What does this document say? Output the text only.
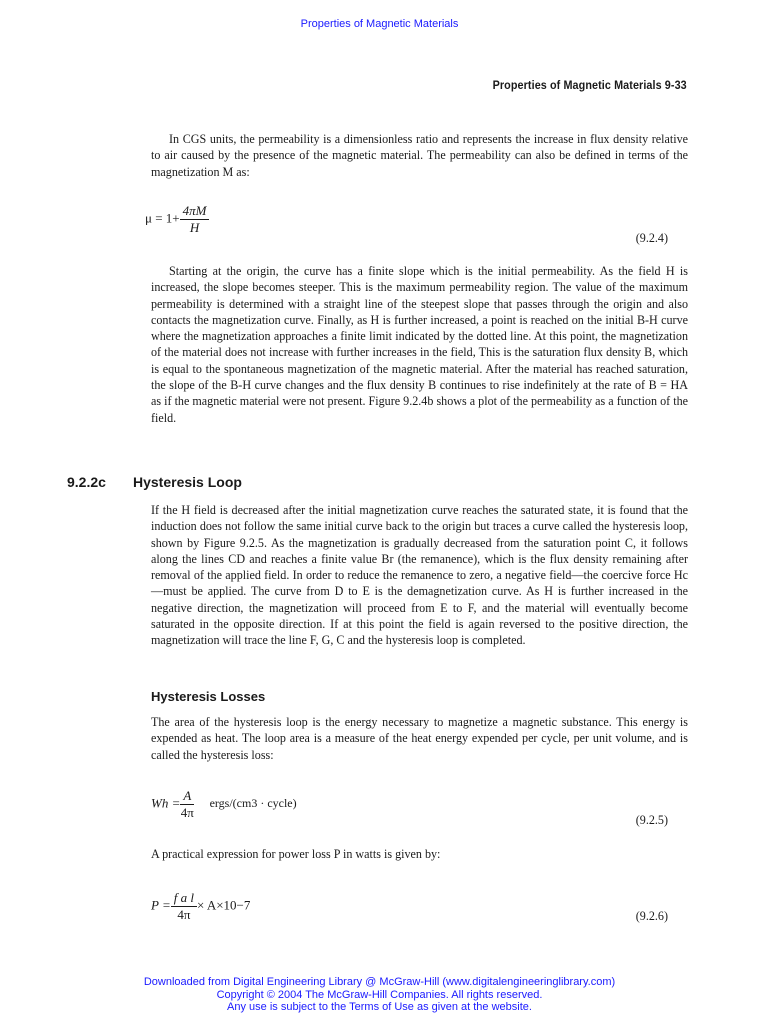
Properties of Magnetic Materials
Properties of Magnetic Materials 9-33

In CGS units, the permeability is a dimensionless ratio and represents the increase in flux density relative to air caused by the presence of the magnetic material. The permeability can also be defined in terms of the magnetization M as:

$\mu = 1+ \frac{4\pi M}{H}$
(9.2.4)

Starting at the origin, the curve has a finite slope which is the initial permeability. As the field H is increased, the slope becomes steeper. This is the maximum permeability region. The value of the maximum permeability is determined with a straight line of the steepest slope that passes through the origin and also contacts the magnetization curve. Finally, as H is further increased, a point is reached on the initial B-H curve where the magnetization approaches a finite limit indicated by the dotted line. At this point, the magnetization of the material does not increase with further increases in the field, This is the saturation flux density B, which is equal to the spontaneous magnetization of the magnetic material. After the material has reached saturation, the slope of the B-H curve changes and the flux density B continues to rise indefinitely at the rate of B = HA as if the magnetic material were not present. Figure 9.2.4b shows a plot of the permeability as a function of the field.

9.2.2c Hysteresis Loop

If the H field is decreased after the initial magnetization curve reaches the saturated state, it is found that the induction does not follow the same initial curve back to the origin but traces a curve called the hysteresis loop, shown by Figure 9.2.5. As the magnetization is gradually decreased from the saturation point C, it follows along the lines CD and reaches a finite value Br (the remanence), which is the flux density remaining after removal of the applied field. In order to reduce the remanence to zero, a negative field—the coercive force Hc—must be applied. The curve from D to E is the demagnetization curve. As H is further increased in the negative direction, the magnetization will proceed from E to F, and the material will eventually become saturated in the opposite direction. If at this point the field is again reversed to the positive direction, the magnetization will trace the line F, G, C and the hysteresis loop is completed.

Hysteresis Losses

The area of the hysteresis loop is the energy necessary to magnetize a magnetic substance. This energy is expended as heat. The loop area is a measure of the heat energy expended per cycle, per unit volume, and is called the hysteresis loss:

$Wh = \frac{A}{4\pi}$ ergs/(cm3 · cycle)
(9.2.5)

A practical expression for power loss P in watts is given by:

$P = \frac{\text{f a l}}{4\pi} \times A\times 10-7$
(9.2.6)
Downloaded from Digital Engineering Library @ McGraw-Hill (www.digitalengineeringlibrary.com)
Copyright © 2004 The McGraw-Hill Companies. All rights reserved.
Any use is subject to the Terms of Use as given at the website.
